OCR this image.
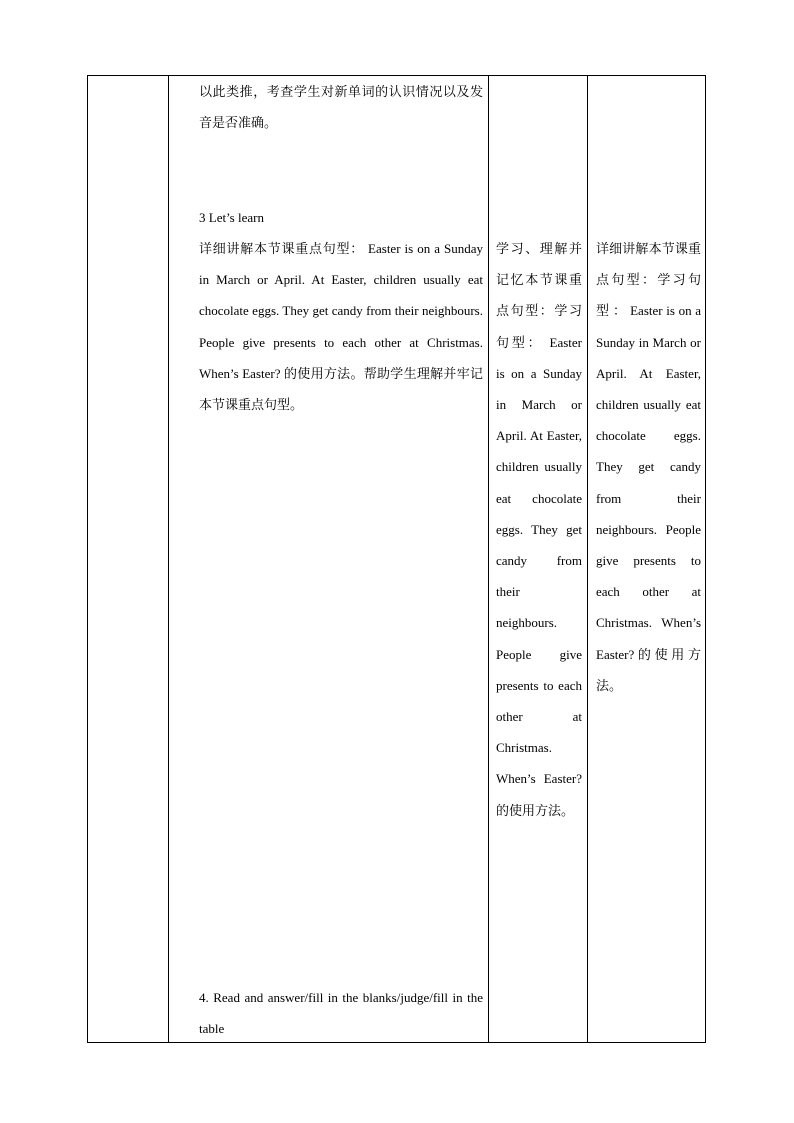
以此类推，考查学生对新单词的认识情况以及发音是否准确。

3 Let’s learn

详细讲解本节课重点句型： Easter is on a Sunday in March or April. At Easter, children usually eat chocolate eggs. They get candy from their neighbours. People give presents to each other at Christmas. When’s Easter? 的使用方法。帮助学生理解并牢记本节课重点句型。

4. Read and answer/fill in the blanks/judge/fill in the table

学习、理解并记忆本节课重点句型：学习句型： Easter is on a Sunday in March or April. At Easter, children usually eat chocolate eggs. They get candy from their neighbours. People give presents to each other at Christmas. When’s Easter?的使用方法。

详细讲解本节课重点句型：学习句 型 ： Easter is on a Sunday in March or April. At Easter, children usually eat chocolate eggs. They get candy from their neighbours. People give presents to each other at Christmas. When’s Easter?的使用方法。
